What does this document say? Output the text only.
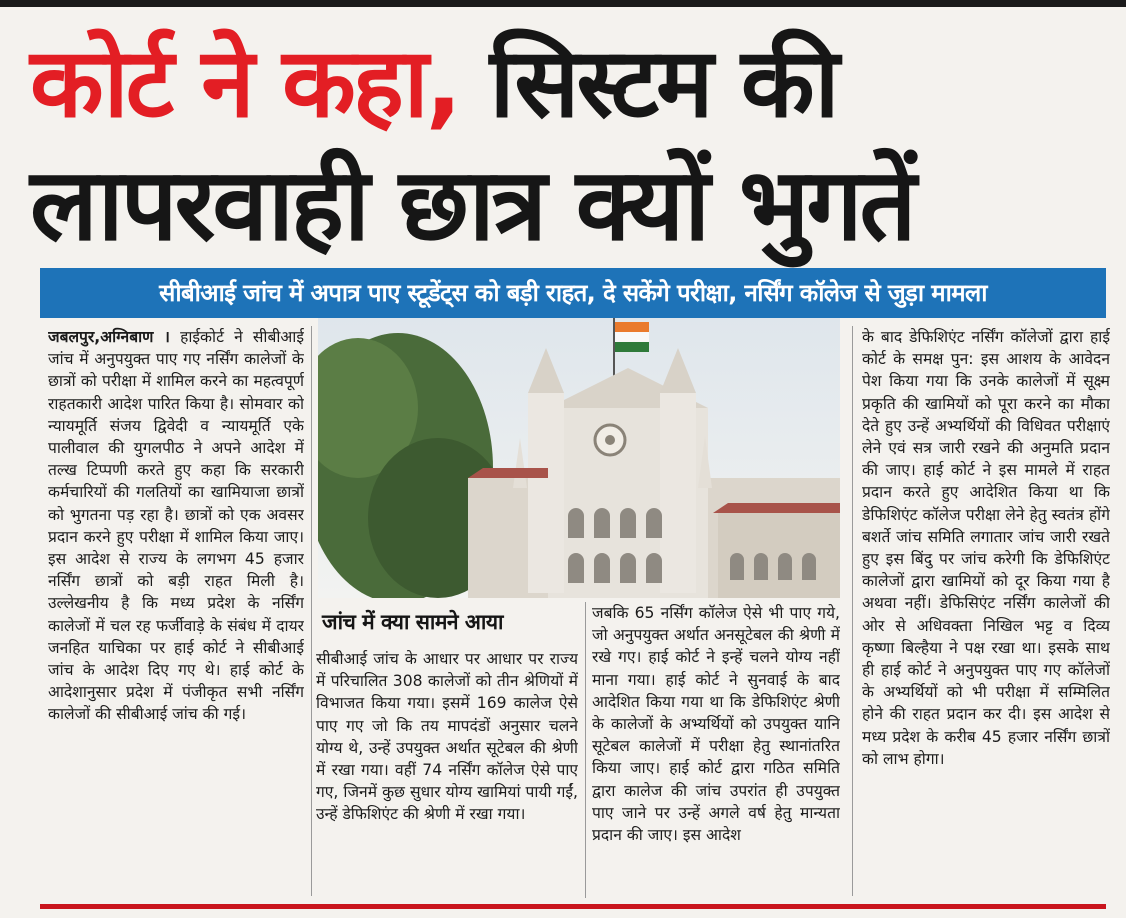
कोर्ट ने कहा, सिस्टम की
लापरवाही छात्र क्यों भुगतें
सीबीआई जांच में अपात्र पाए स्टूडेंट्स को बड़ी राहत, दे सकेंगे परीक्षा, नर्सिंग कॉलेज से जुड़ा मामला
जबलपुर,अग्निबाण । हाईकोर्ट ने सीबीआई जांच में अनुपयुक्त पाए गए नर्सिंग कालेजों के छात्रों को परीक्षा में शामिल करने का महत्वपूर्ण राहतकारी आदेश पारित किया है। सोमवार को न्यायमूर्ति संजय द्विवेदी व न्यायमूर्ति एके पालीवाल की युगलपीठ ने अपने आदेश में तल्ख टिप्पणी करते हुए कहा कि सरकारी कर्मचारियों की गलतियों का खामियाजा छात्रों को भुगतना पड़ रहा है। छात्रों को एक अवसर प्रदान करने हुए परीक्षा में शामिल किया जाए। इस आदेश से राज्य के लगभग 45 हजार नर्सिंग छात्रों को बड़ी राहत मिली है।उल्लेखनीय है कि मध्य प्रदेश के नर्सिंग कालेजों में चल रह फर्जीवाड़े के संबंध में दायर जनहित याचिका पर हाई कोर्ट ने सीबीआई जांच के आदेश दिए गए थे। हाई कोर्ट के आदेशानुसार प्रदेश में पंजीकृत सभी नर्सिंग कालेजों की सीबीआई जांच की गई।
जांच में क्या सामने आया
सीबीआई जांच के आधार पर आधार पर राज्य में परिचालित 308 कालेजों को तीन श्रेणियों में विभाजत किया गया। इसमें 169 कालेज ऐसे पाए गए जो कि तय मापदंडों अनुसार चलने योग्य थे, उन्हें उपयुक्त अर्थात सूटेबल की श्रेणी में रखा गया। वहीं 74 नर्सिंग कॉलेज ऐसे पाए गए, जिनमें कुछ सुधार योग्य खामियां पायी गईं, उन्हें डेफिशिएंट की श्रेणी में रखा गया।
जबकि 65 नर्सिंग कॉलेज ऐसे भी पाए गये, जो अनुपयुक्त अर्थात अनसूटेबल की श्रेणी में रखे गए। हाई कोर्ट ने इन्हें चलने योग्य नहीं माना गया। हाई कोर्ट ने सुनवाई के बाद आदेशित किया गया था कि डेफिशिएंट श्रेणी के कालेजों के अभ्यर्थियों को उपयुक्त यानि सूटेबल कालेजों में परीक्षा हेतु स्थानांतरित किया जाए। हाई कोर्ट द्वारा गठित समिति द्वारा कालेज की जांच उपरांत ही उपयुक्त पाए जाने पर उन्हें अगले वर्ष हेतु मान्यता प्रदान की जाए। इस आदेश
के बाद डेफिशिएंट नर्सिंग कॉलेजों द्वारा हाई कोर्ट के समक्ष पुन: इस आशय के आवेदन पेश किया गया कि उनके कालेजों में सूक्ष्म प्रकृति की खामियों को पूरा करने का मौका देते हुए उन्हें अभ्यर्थियों की विधिवत परीक्षाएं लेने एवं सत्र जारी रखने की अनुमति प्रदान की जाए। हाई कोर्ट ने इस मामले में राहत प्रदान करते हुए आदेशित किया था कि डेफिशिएंट कॉलेज परीक्षा लेने हेतु स्वतंत्र होंगे बशर्ते जांच समिति लगातार जांच जारी रखते हुए इस बिंदु पर जांच करेगी कि डेफिशिएंट कालेजों द्वारा खामियों को दूर किया गया है अथवा नहीं। डेफिसिएंट नर्सिंग कालेजों की ओर से अधिवक्ता निखिल भट्ट व दिव्य कृष्णा बिल्हैया ने पक्ष रखा था। इसके साथ ही हाई कोर्ट ने अनुपयुक्त पाए गए कॉलेजों के अभ्यर्थियों को भी परीक्षा में सम्मिलित होने की राहत प्रदान कर दी। इस आदेश से मध्य प्रदेश के करीब 45 हजार नर्सिंग छात्रों को लाभ होगा।
